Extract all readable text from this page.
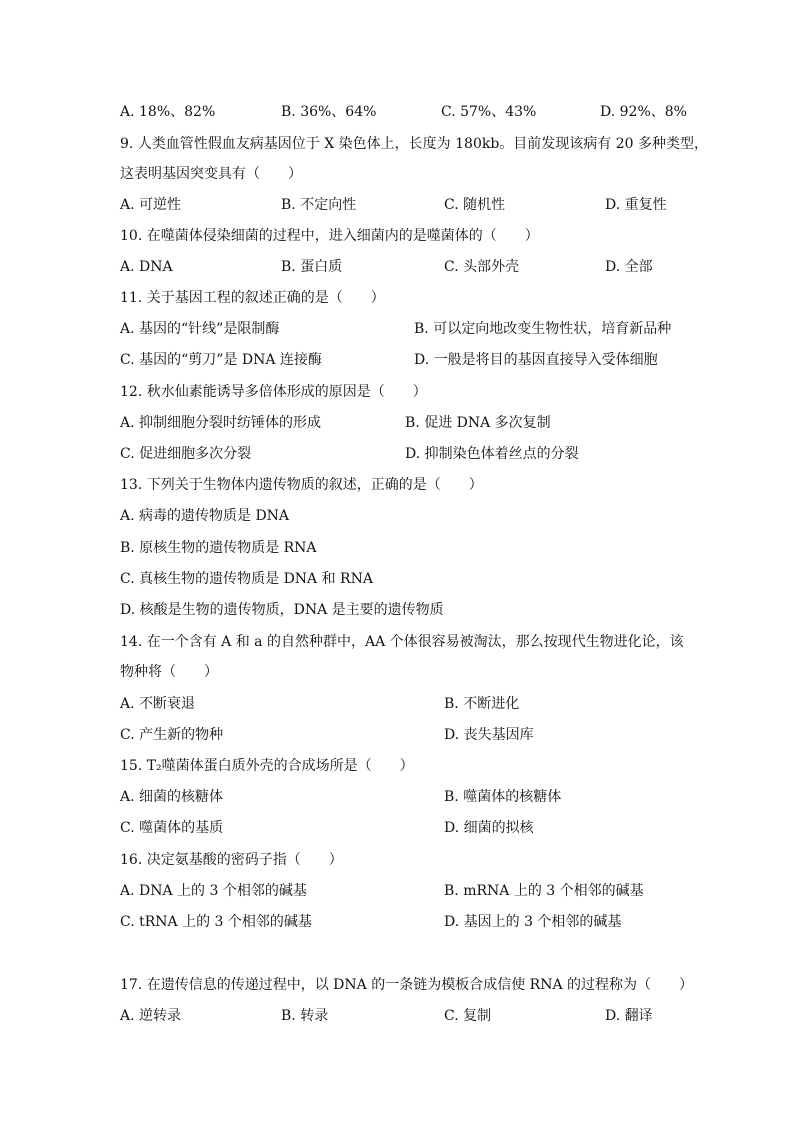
A. 18%、82%	B. 36%、64%	C. 57%、43%	D. 92%、8%
9. 人类血管性假血友病基因位于 X 染色体上，长度为 180kb。目前发现该病有 20 多种类型，
这表明基因突变具有（　　）
A. 可逆性	B. 不定向性	C. 随机性	D. 重复性
10. 在噬菌体侵染细菌的过程中，进入细菌内的是噬菌体的（　　）
A. DNA	B. 蛋白质	C. 头部外壳	D. 全部
11. 关于基因工程的叙述正确的是（　　）
A. 基因的“针线”是限制酶	B. 可以定向地改变生物性状，培育新品种
C. 基因的“剪刀”是 DNA 连接酶	D. 一般是将目的基因直接导入受体细胞
12. 秋水仙素能诱导多倍体形成的原因是（　　）
A. 抑制细胞分裂时纺锤体的形成	B. 促进 DNA 多次复制
C. 促进细胞多次分裂	D. 抑制染色体着丝点的分裂
13. 下列关于生物体内遗传物质的叙述，正确的是（　　）
A. 病毒的遗传物质是 DNA
B. 原核生物的遗传物质是 RNA
C. 真核生物的遗传物质是 DNA 和 RNA
D. 核酸是生物的遗传物质，DNA 是主要的遗传物质
14. 在一个含有 A 和 a 的自然种群中，AA 个体很容易被淘汰，那么按现代生物进化论，该
物种将（　　）
A. 不断衰退	B. 不断进化
C. 产生新的物种	D. 丧失基因库
15. T₂噬菌体蛋白质外壳的合成场所是（　　）
A. 细菌的核糖体	B. 噬菌体的核糖体
C. 噬菌体的基质	D. 细菌的拟核
16. 决定氨基酸的密码子指（　　）
A. DNA 上的 3 个相邻的碱基	B. mRNA 上的 3 个相邻的碱基
C. tRNA 上的 3 个相邻的碱基	D. 基因上的 3 个相邻的碱基
17. 在遗传信息的传递过程中，以 DNA 的一条链为模板合成信使 RNA 的过程称为（　　）
A. 逆转录	B. 转录	C. 复制	D. 翻译
